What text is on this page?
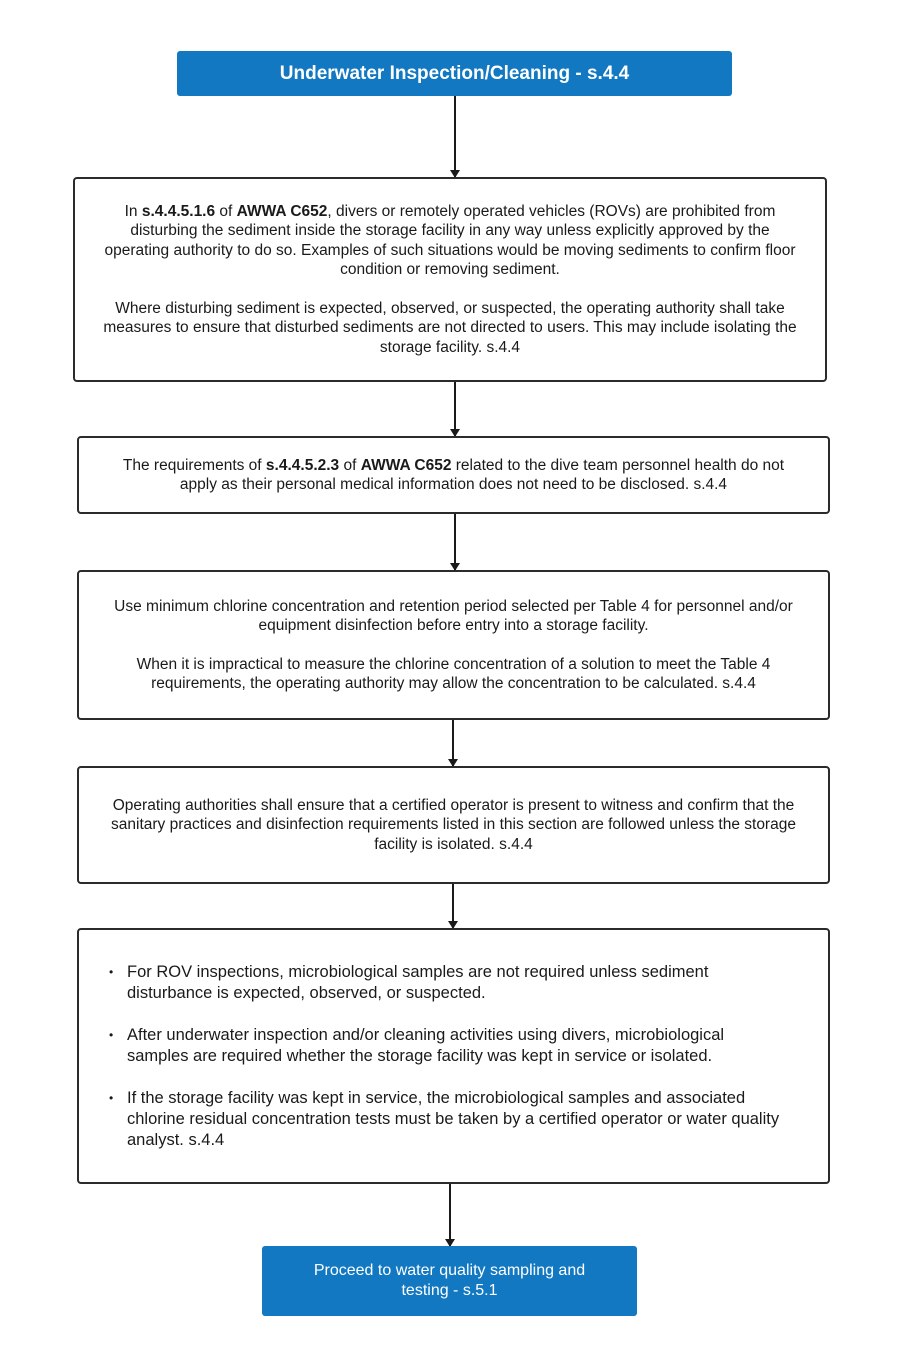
Underwater Inspection/Cleaning - s.4.4

In s.4.4.5.1.6 of AWWA C652, divers or remotely operated vehicles (ROVs) are prohibited from disturbing the sediment inside the storage facility in any way unless explicitly approved by the operating authority to do so. Examples of such situations would be moving sediments to confirm floor condition or removing sediment.

Where disturbing sediment is expected, observed, or suspected, the operating authority shall take measures to ensure that disturbed sediments are not directed to users. This may include isolating the storage facility. s.4.4

The requirements of s.4.4.5.2.3 of AWWA C652 related to the dive team personnel health do not apply as their personal medical information does not need to be disclosed. s.4.4

Use minimum chlorine concentration and retention period selected per Table 4 for personnel and/or equipment disinfection before entry into a storage facility.

When it is impractical to measure the chlorine concentration of a solution to meet the Table 4 requirements, the operating authority may allow the concentration to be calculated. s.4.4

Operating authorities shall ensure that a certified operator is present to witness and confirm that the sanitary practices and disinfection requirements listed in this section are followed unless the storage facility is isolated. s.4.4

• For ROV inspections, microbiological samples are not required unless sediment disturbance is expected, observed, or suspected.
• After underwater inspection and/or cleaning activities using divers, microbiological samples are required whether the storage facility was kept in service or isolated.
• If the storage facility was kept in service, the microbiological samples and associated chlorine residual concentration tests must be taken by a certified operator or water quality analyst. s.4.4
Proceed to water quality sampling and testing - s.5.1
